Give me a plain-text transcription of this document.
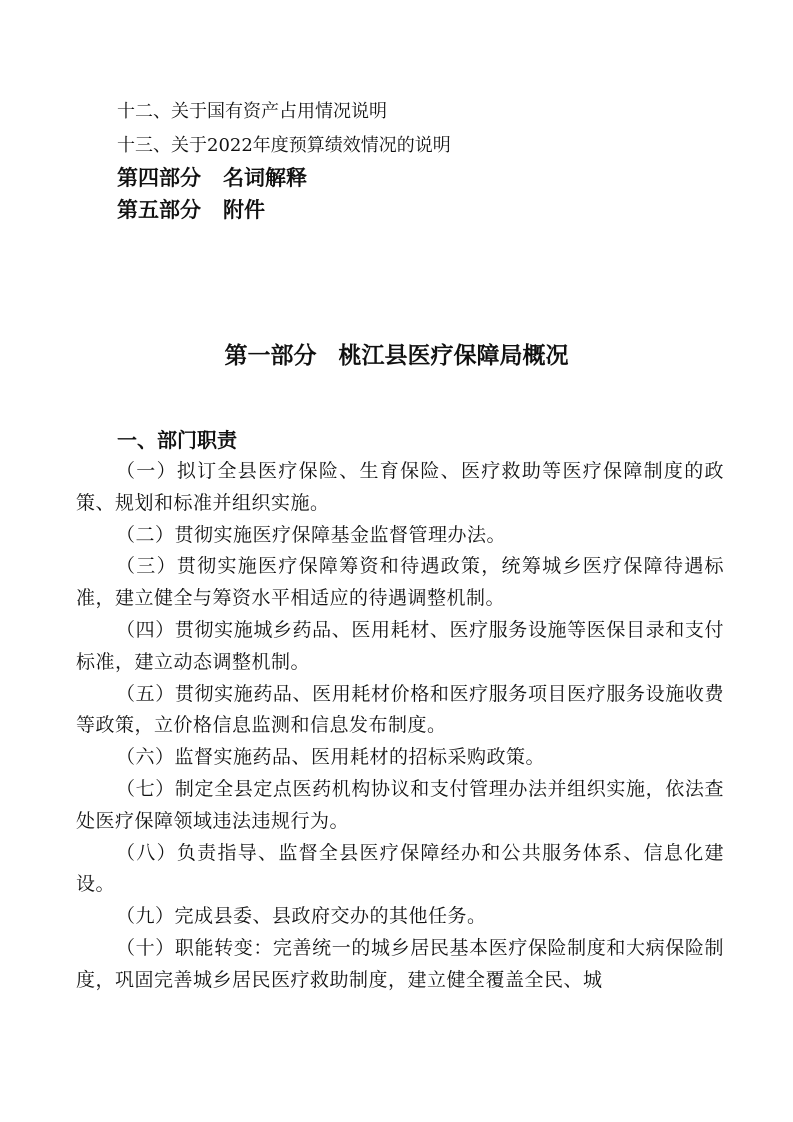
十二、关于国有资产占用情况说明
十三、关于2022年度预算绩效情况的说明
第四部分 名词解释
第五部分 附件
第一部分 桃江县医疗保障局概况
一、部门职责

（一）拟订全县医疗保险、生育保险、医疗救助等医疗保障制度的政策、规划和标准并组织实施。

（二）贯彻实施医疗保障基金监督管理办法。

（三）贯彻实施医疗保障筹资和待遇政策，统筹城乡医疗保障待遇标准，建立健全与筹资水平相适应的待遇调整机制。

（四）贯彻实施城乡药品、医用耗材、医疗服务设施等医保目录和支付标准，建立动态调整机制。

（五）贯彻实施药品、医用耗材价格和医疗服务项目医疗服务设施收费等政策，立价格信息监测和信息发布制度。

（六）监督实施药品、医用耗材的招标采购政策。

（七）制定全县定点医药机构协议和支付管理办法并组织实施，依法查处医疗保障领域违法违规行为。

（八）负责指导、监督全县医疗保障经办和公共服务体系、信息化建设。

（九）完成县委、县政府交办的其他任务。

（十）职能转变：完善统一的城乡居民基本医疗保险制度和大病保险制度，巩固完善城乡居民医疗救助制度，建立健全覆盖全民、城
